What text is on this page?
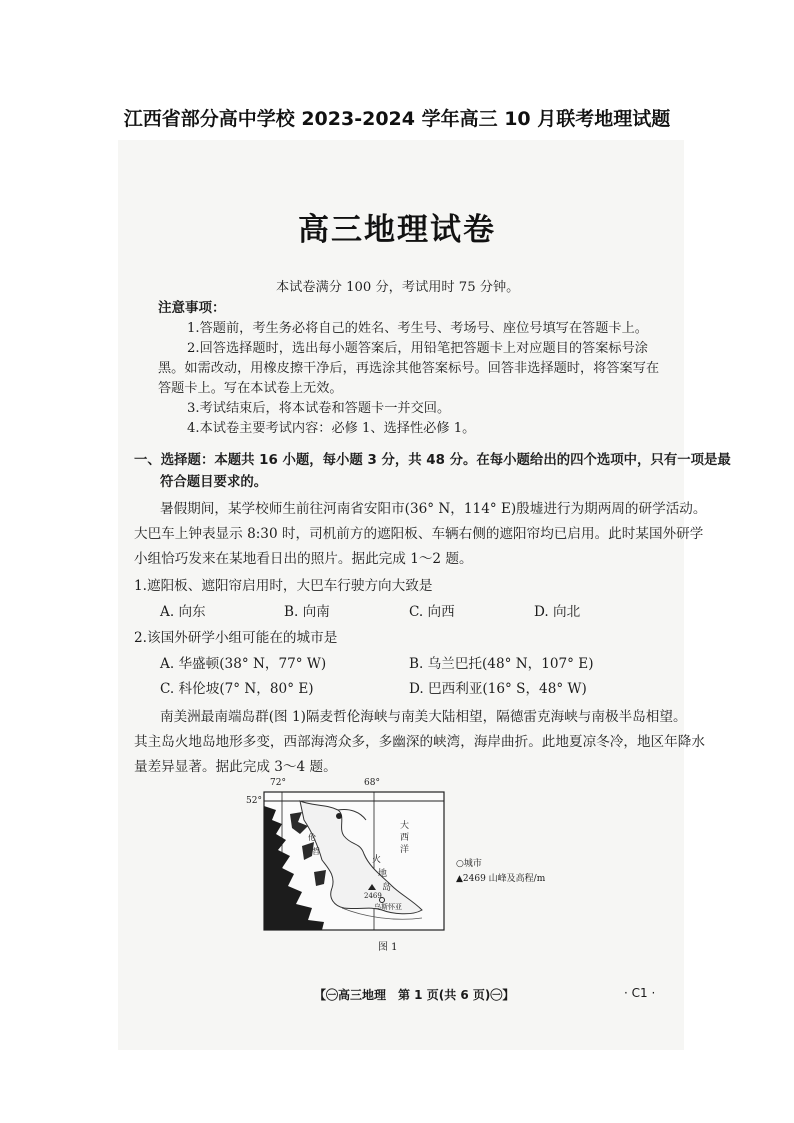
江西省部分高中学校 2023-2024 学年高三 10 月联考地理试题
高三地理试卷
本试卷满分 100 分，考试用时 75 分钟。
注意事项：
1.答题前，考生务必将自己的姓名、考生号、考场号、座位号填写在答题卡上。
2.回答选择题时，选出每小题答案后，用铅笔把答题卡上对应题目的答案标号涂
黑。如需改动，用橡皮擦干净后，再选涂其他答案标号。回答非选择题时，将答案写在
答题卡上。写在本试卷上无效。
3.考试结束后，将本试卷和答题卡一并交回。
4.本试卷主要考试内容：必修 1、选择性必修 1。
一、选择题：本题共 16 小题，每小题 3 分，共 48 分。在每小题给出的四个选项中，只有一项是最
符合题目要求的。
暑假期间，某学校师生前往河南省安阳市(36° N，114° E)殷墟进行为期两周的研学活动。
大巴车上钟表显示 8:30 时，司机前方的遮阳板、车辆右侧的遮阳帘均已启用。此时某国外研学
小组恰巧发来在某地看日出的照片。据此完成 1～2 题。
1.遮阳板、遮阳帘启用时，大巴车行驶方向大致是
A. 向东	B. 向南	C. 向西	D. 向北
2.该国外研学小组可能在的城市是
A. 华盛顿(38° N，77° W)	B. 乌兰巴托(48° N，107° E)
C. 科伦坡(7° N，80° E)	D. 巴西利亚(16° S，48° W)
南美洲最南端岛群(图 1)隔麦哲伦海峡与南美大陆相望，隔德雷克海峡与南极半岛相望。
其主岛火地岛地形多变，西部海湾众多，多幽深的峡湾，海岸曲折。此地夏凉冬冷，地区年降水
量差异显著。据此完成 3～4 题。
72°	68°
52°
大
西
洋
火
地
岛
伦
哲
2469
乌斯怀亚
○城市
▲2469 山峰及高程/m
图 1
【㊀高三地理　第 1 页(共 6 页)㊀】	· C1 ·
